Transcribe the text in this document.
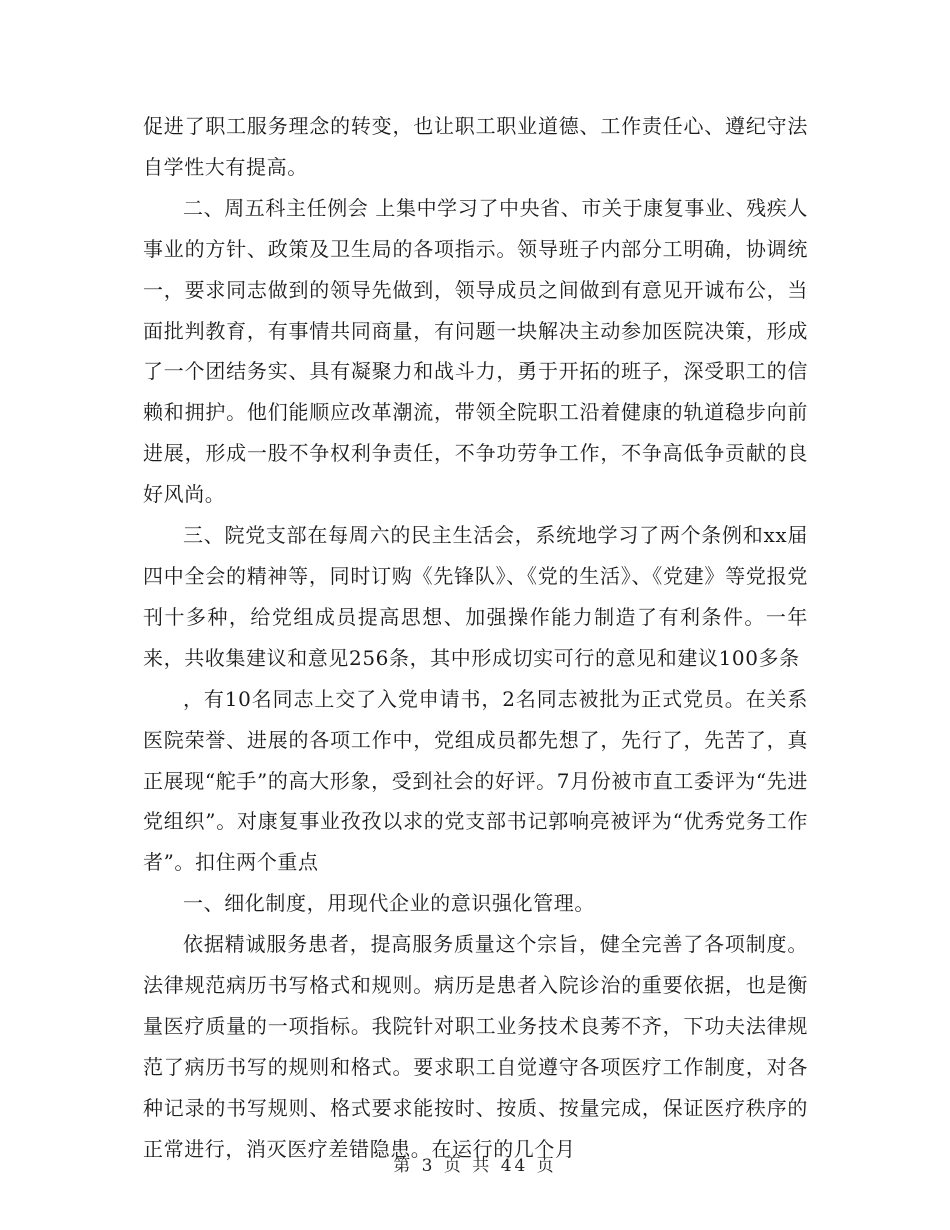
促进了职工服务理念的转变，也让职工职业道德、工作责任心、遵纪守法自学性大有提高。

二、周五科主任例会 上集中学习了中央省、市关于康复事业、残疾人事业的方针、政策及卫生局的各项指示。领导班子内部分工明确，协调统一，要求同志做到的领导先做到，领导成员之间做到有意见开诚布公，当面批判教育，有事情共同商量，有问题一块解决主动参加医院决策，形成了一个团结务实、具有凝聚力和战斗力，勇于开拓的班子，深受职工的信赖和拥护。他们能顺应改革潮流，带领全院职工沿着健康的轨道稳步向前进展，形成一股不争权利争责任，不争功劳争工作，不争高低争贡献的良好风尚。

三、院党支部在每周六的民主生活会，系统地学习了两个条例和xx届四中全会的精神等，同时订购《先锋队》、《党的生活》、《党建》等党报党刊十多种，给党组成员提高思想、加强操作能力制造了有利条件。一年来，共收集建议和意见256条，其中形成切实可行的意见和建议100多条

，有10名同志上交了入党申请书，2名同志被批为正式党员。在关系医院荣誉、进展的各项工作中，党组成员都先想了，先行了，先苦了，真正展现“舵手”的高大形象，受到社会的好评。7月份被市直工委评为“先进党组织”。对康复事业孜孜以求的党支部书记郭响亮被评为“优秀党务工作者”。扣住两个重点

一、细化制度，用现代企业的意识强化管理。

依据精诚服务患者，提高服务质量这个宗旨，健全完善了各项制度。法律规范病历书写格式和规则。病历是患者入院诊治的重要依据，也是衡量医疗质量的一项指标。我院针对职工业务技术良莠不齐，下功夫法律规范了病历书写的规则和格式。要求职工自觉遵守各项医疗工作制度，对各种记录的书写规则、格式要求能按时、按质、按量完成，保证医疗秩序的正常进行，消灭医疗差错隐患。在运行的几个月

第 3 页 共 44 页
